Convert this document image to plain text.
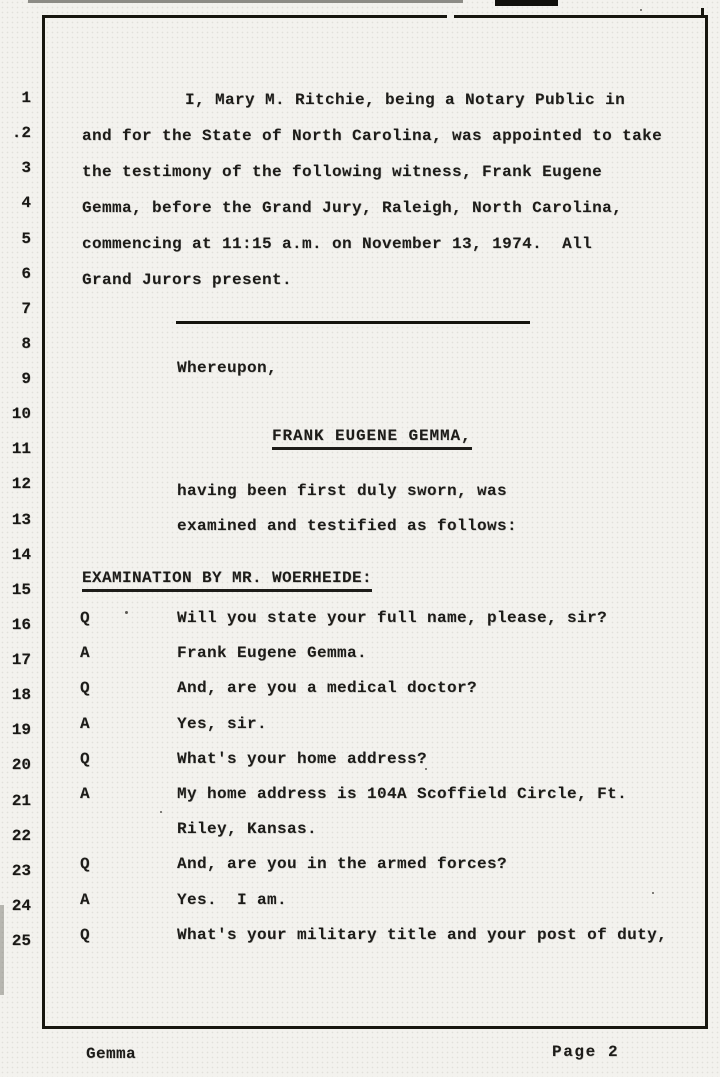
1
.2
3
4
5
6
7
8
9
10
11
12
13
14
15
16
17
18
19
20
21
22
23
24
25
I, Mary M. Ritchie, being a Notary Public in
and for the State of North Carolina, was appointed to take
the testimony of the following witness, Frank Eugene
Gemma, before the Grand Jury, Raleigh, North Carolina,
commencing at 11:15 a.m. on November 13, 1974.  All
Grand Jurors present.
Whereupon,
FRANK EUGENE GEMMA,
having been first duly sworn, was
examined and testified as follows:
EXAMINATION BY MR. WOERHEIDE:
Q	Will you state your full name, please, sir?
A	Frank Eugene Gemma.
Q	And, are you a medical doctor?
A	Yes, sir.
Q	What's your home address?
A	My home address is 104A Scoffield Circle, Ft.
Riley, Kansas.
Q	And, are you in the armed forces?
A	Yes.  I am.
Q	What's your military title and your post of duty,
Gemma	Page 2
